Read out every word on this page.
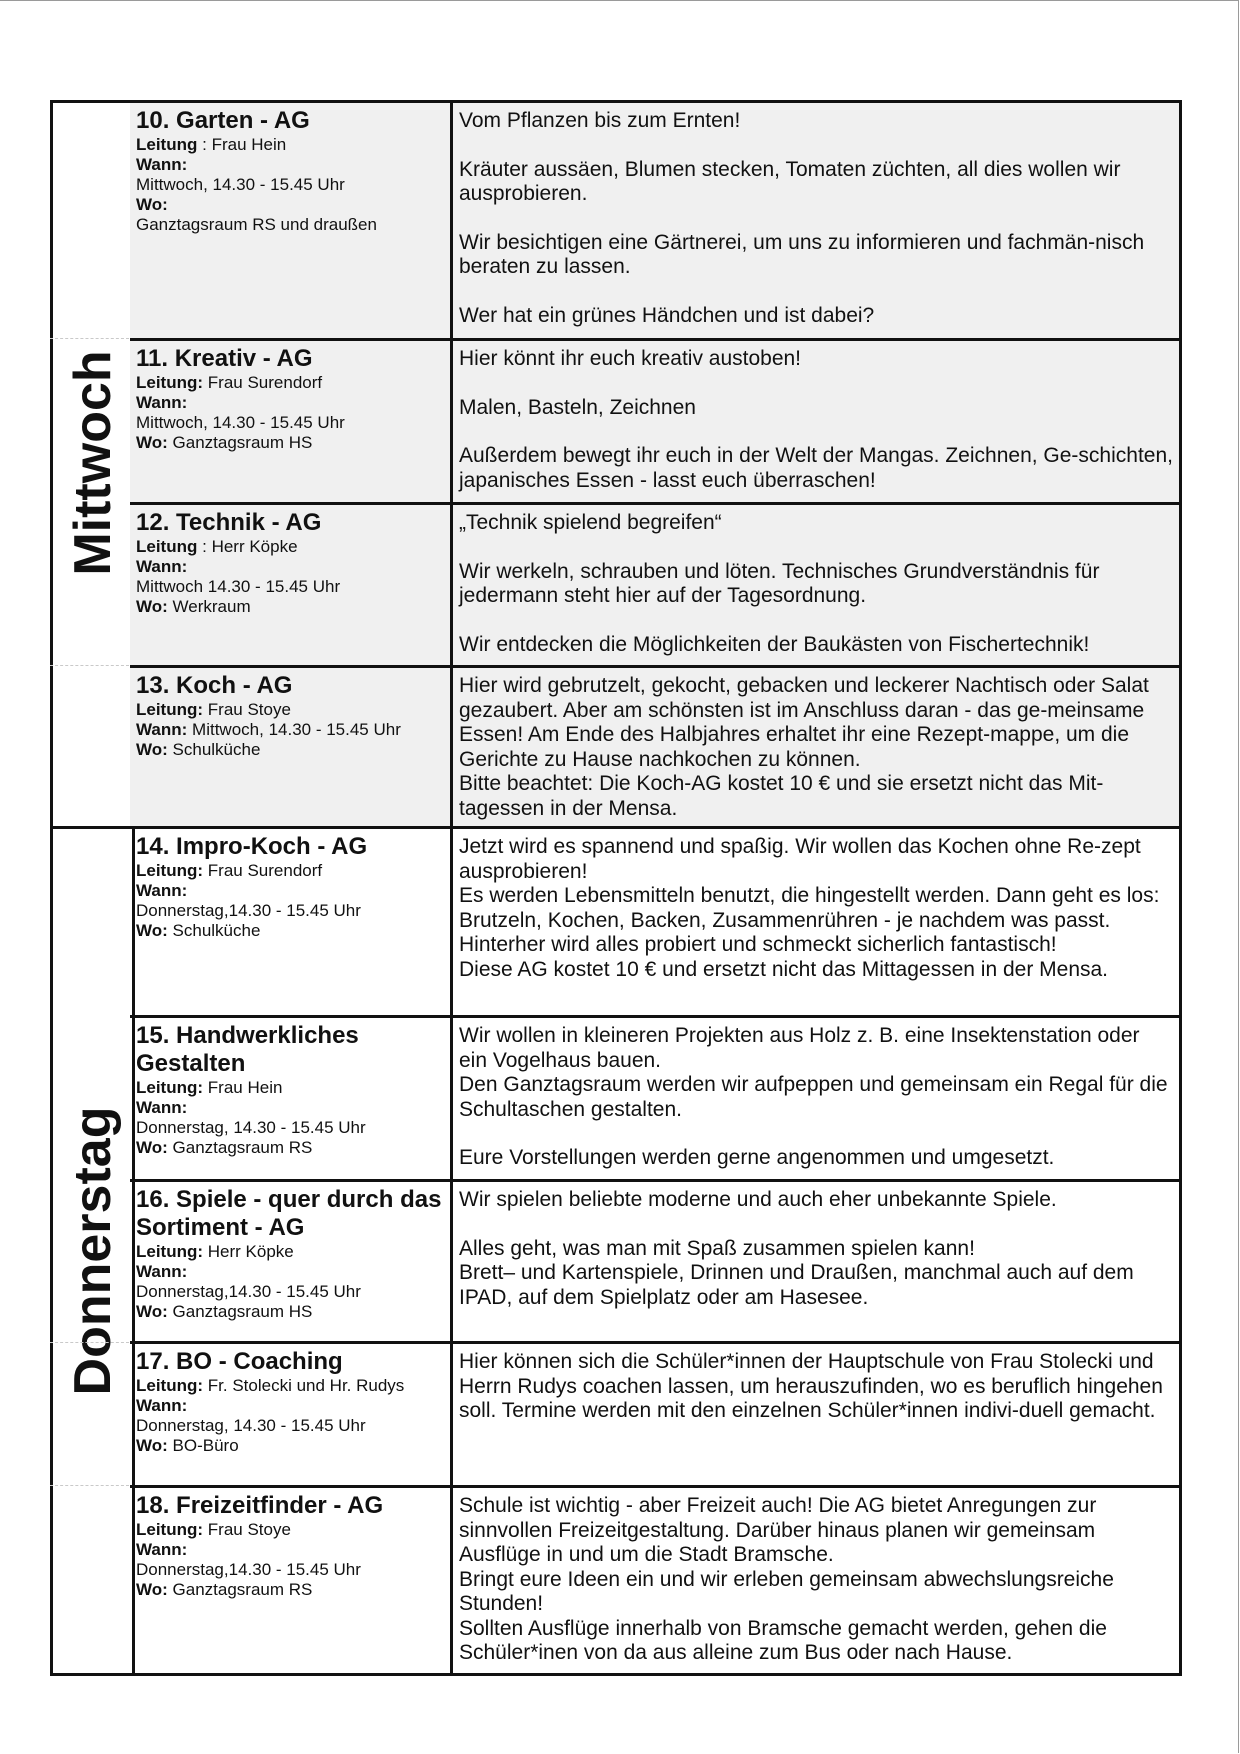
Mittwoch
Donnerstag
10. Garten - AG
Leitung : Frau Hein
Wann:
Mittwoch, 14.30 - 15.45 Uhr
Wo:
Ganztagsraum RS und draußen

Vom Pflanzen bis zum Ernten!

Kräuter aussäen, Blumen stecken, Tomaten züchten, all dies wollen wir ausprobieren.

Wir besichtigen eine Gärtnerei, um uns zu informieren und fachmän-nisch beraten zu lassen.

Wer hat ein grünes Händchen und ist dabei?

11. Kreativ - AG
Leitung: Frau Surendorf
Wann:
Mittwoch, 14.30 - 15.45 Uhr
Wo: Ganztagsraum HS

Hier könnt ihr euch kreativ austoben!

Malen, Basteln, Zeichnen

Außerdem bewegt ihr euch in der Welt der Mangas. Zeichnen, Ge-schichten, japanisches Essen - lasst euch überraschen!

12. Technik - AG
Leitung : Herr Köpke
Wann:
Mittwoch 14.30 - 15.45 Uhr
Wo: Werkraum

„Technik spielend begreifen“

Wir werkeln, schrauben und löten. Technisches Grundverständnis für jedermann steht hier auf der Tagesordnung.

Wir entdecken die Möglichkeiten der Baukästen von Fischertechnik!

13. Koch - AG
Leitung: Frau Stoye
Wann: Mittwoch, 14.30 - 15.45 Uhr
Wo: Schulküche

Hier wird gebrutzelt, gekocht, gebacken und leckerer Nachtisch oder Salat gezaubert. Aber am schönsten ist im Anschluss daran - das ge-meinsame Essen! Am Ende des Halbjahres erhaltet ihr eine Rezept-mappe, um die Gerichte zu Hause nachkochen zu können.

Bitte beachtet: Die Koch-AG kostet 10 € und sie ersetzt nicht das Mit-tagessen in der Mensa.

14. Impro-Koch - AG
Leitung: Frau Surendorf
Wann:
Donnerstag,14.30 - 15.45 Uhr
Wo: Schulküche

Jetzt wird es spannend und spaßig. Wir wollen das Kochen ohne Re-zept ausprobieren!

Es werden Lebensmitteln benutzt, die hingestellt werden. Dann geht es los: Brutzeln, Kochen, Backen, Zusammenrühren - je nachdem was passt.

Hinterher wird alles probiert und schmeckt sicherlich fantastisch!

Diese AG kostet 10 € und ersetzt nicht das Mittagessen in der Mensa.

15. Handwerkliches Gestalten
Leitung: Frau Hein
Wann:
Donnerstag, 14.30 - 15.45 Uhr
Wo: Ganztagsraum RS

Wir wollen in kleineren Projekten aus Holz z. B. eine Insektenstation oder ein Vogelhaus bauen.

Den Ganztagsraum werden wir aufpeppen und gemeinsam ein Regal für die Schultaschen gestalten.

Eure Vorstellungen werden gerne angenommen und umgesetzt.

16. Spiele - quer durch das Sortiment - AG
Leitung: Herr Köpke
Wann:
Donnerstag,14.30 - 15.45 Uhr
Wo: Ganztagsraum HS

Wir spielen beliebte moderne und auch eher unbekannte Spiele.

Alles geht, was man mit Spaß zusammen spielen kann!

Brett– und Kartenspiele, Drinnen und Draußen, manchmal auch auf dem IPAD, auf dem Spielplatz oder am Hasesee.

17. BO - Coaching
Leitung: Fr. Stolecki und Hr. Rudys
Wann:
Donnerstag, 14.30 - 15.45 Uhr
Wo: BO-Büro

Hier können sich die Schüler*innen der Hauptschule von Frau Stolecki und Herrn Rudys coachen lassen, um herauszufinden, wo es beruflich hingehen soll. Termine werden mit den einzelnen Schüler*innen indivi-duell gemacht.

18. Freizeitfinder - AG
Leitung: Frau Stoye
Wann:
Donnerstag,14.30 - 15.45 Uhr
Wo: Ganztagsraum RS

Schule ist wichtig - aber Freizeit auch! Die AG bietet Anregungen zur sinnvollen Freizeitgestaltung. Darüber hinaus planen wir gemeinsam Ausflüge in und um die Stadt Bramsche.

Bringt eure Ideen ein und wir erleben gemeinsam abwechslungsreiche Stunden!

Sollten Ausflüge innerhalb von Bramsche gemacht werden, gehen die Schüler*inen von da aus alleine zum Bus oder nach Hause.
